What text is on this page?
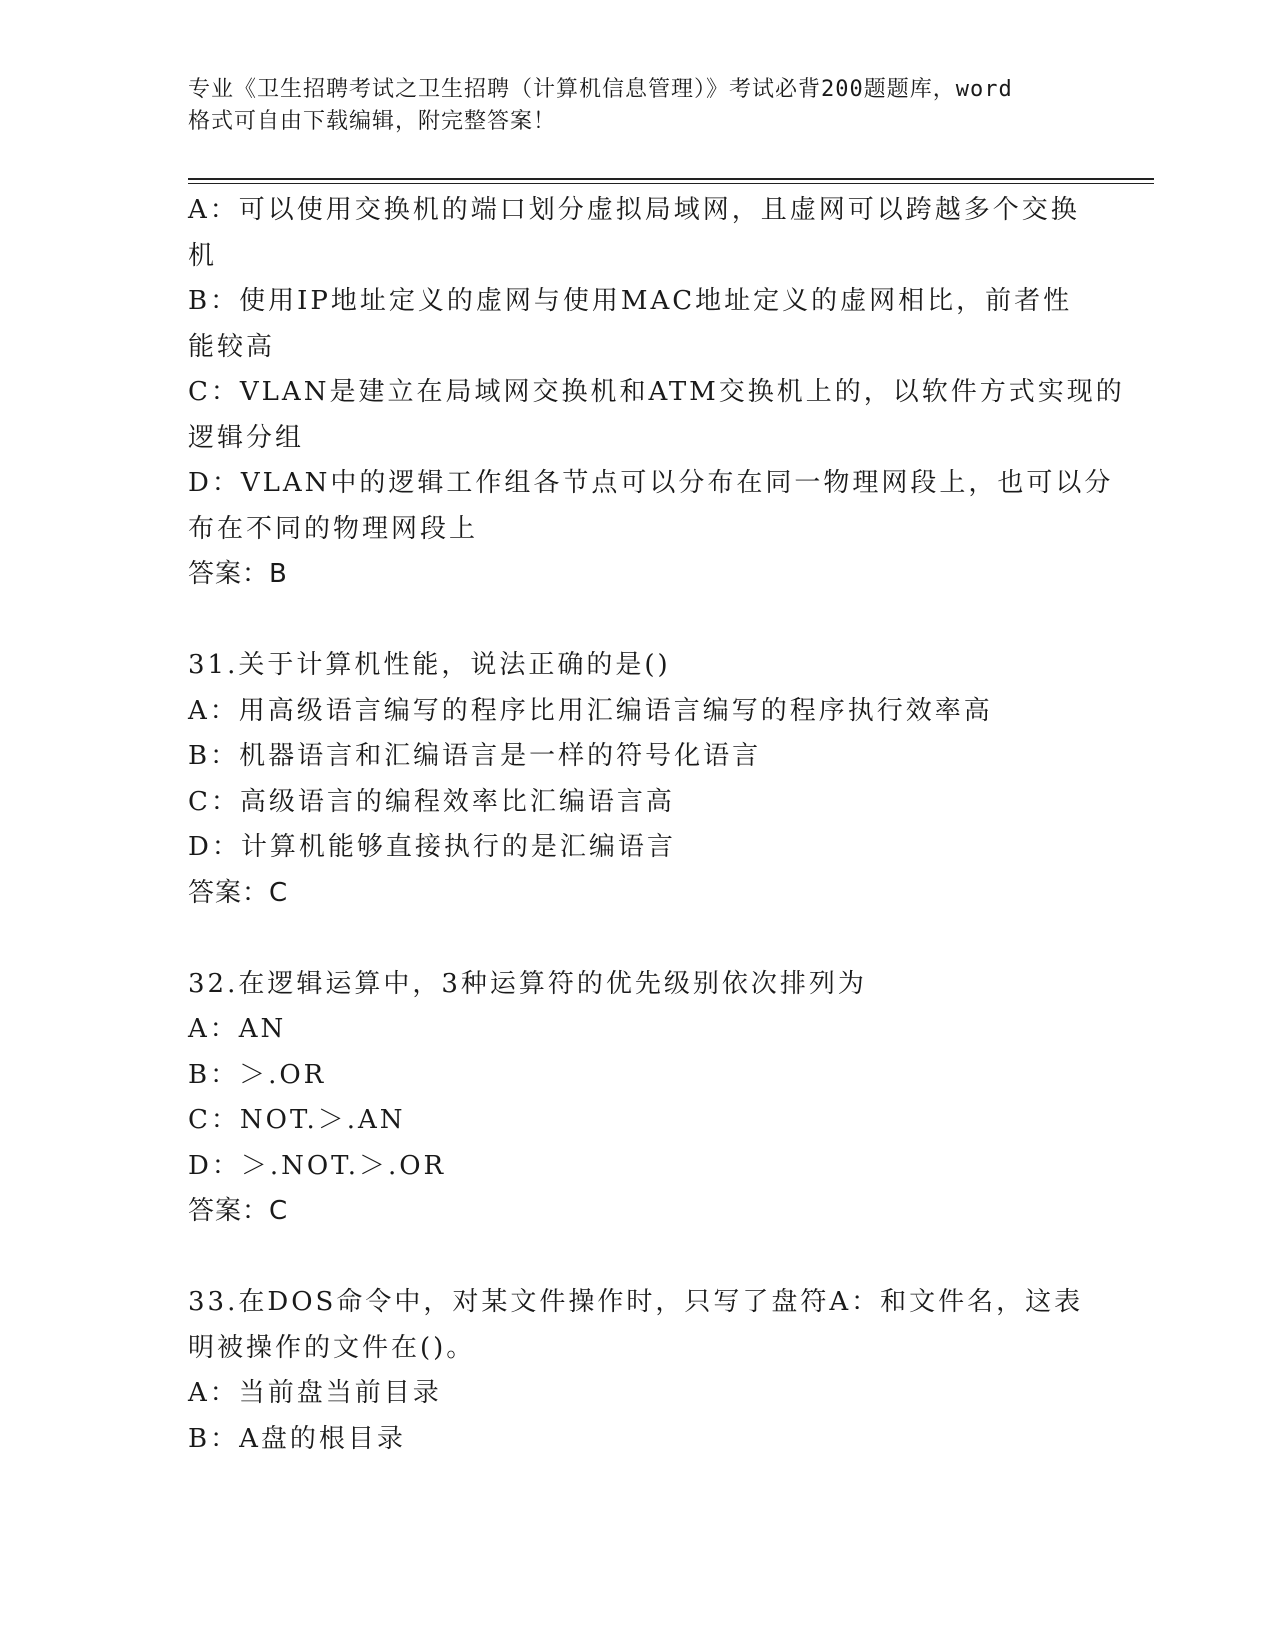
专业《卫生招聘考试之卫生招聘（计算机信息管理）》考试必背200题题库，word
格式可自由下载编辑，附完整答案！
A：可以使用交换机的端口划分虚拟局域网，且虚网可以跨越多个交换
机
B：使用IP地址定义的虚网与使用MAC地址定义的虚网相比，前者性
能较高
C：VLAN是建立在局域网交换机和ATM交换机上的，以软件方式实现的
逻辑分组
D：VLAN中的逻辑工作组各节点可以分布在同一物理网段上，也可以分
布在不同的物理网段上
答案：B
31.关于计算机性能，说法正确的是()
A：用高级语言编写的程序比用汇编语言编写的程序执行效率高
B：机器语言和汇编语言是一样的符号化语言
C：高级语言的编程效率比汇编语言高
D：计算机能够直接执行的是汇编语言
答案：C
32.在逻辑运算中，3种运算符的优先级别依次排列为
A：AN
B：＞.OR
C：NOT.＞.AN
D：＞.NOT.＞.OR
答案：C
33.在DOS命令中，对某文件操作时，只写了盘符A：和文件名，这表
明被操作的文件在()。
A：当前盘当前目录
B：A盘的根目录
